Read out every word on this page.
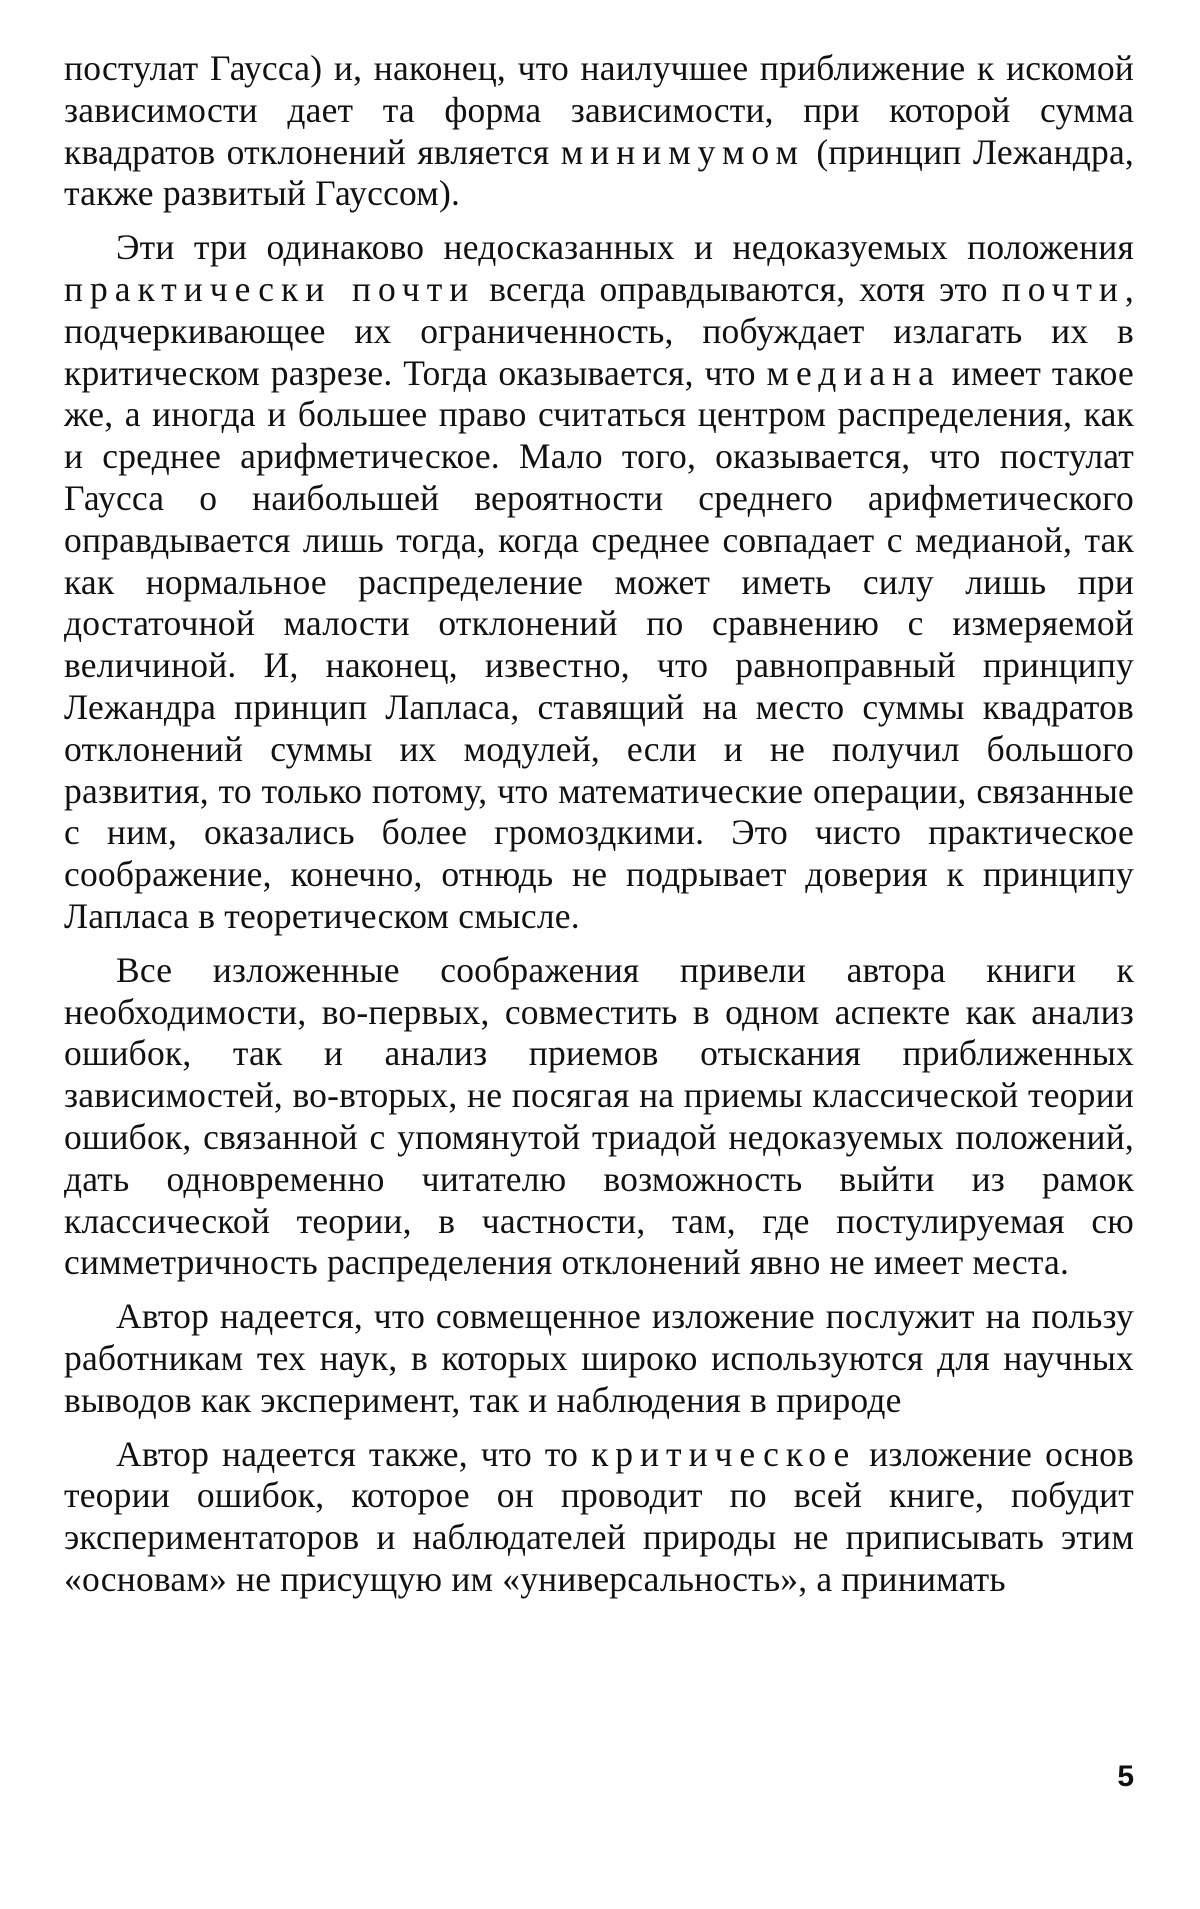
постулат Гаусса) и, наконец, что наилучшее приближение к искомой зависимости дает та форма зависимости, при которой сумма квадратов отклонений является минимумом (принцип Лежандра, также развитый Гауссом).

Эти три одинаково недосказанных и недоказуемых положения практически почти всегда оправдываются, хотя это почти, подчеркивающее их ограниченность, побуждает излагать их в критическом разрезе. Тогда оказывается, что медиана имеет такое же, а иногда и большее право считаться центром распределения, как и среднее арифметическое. Мало того, оказывается, что постулат Гаусса о наибольшей вероятности среднего арифметического оправдывается лишь тогда, когда среднее совпадает с медианой, так как нормальное распределение может иметь силу лишь при достаточной малости отклонений по сравнению с измеряемой величиной. И, наконец, известно, что равноправный принципу Лежандра принцип Лапласа, ставящий на место суммы квадратов отклонений суммы их модулей, если и не получил большого развития, то только потому, что математические операции, связанные с ним, оказались более громоздкими. Это чисто практическое соображение, конечно, отнюдь не подрывает доверия к принципу Лапласа в теоретическом смысле.

Все изложенные соображения привели автора книги к необходимости, во-первых, совместить в одном аспекте как анализ ошибок, так и анализ приемов отыскания приближенных зависимостей, во-вторых, не посягая на приемы классической теории ошибок, связанной с упомянутой триадой недоказуемых положений, дать одновременно читателю возможность выйти из рамок классической теории, в частности, там, где постулируемая сю симметричность распределения отклонений явно не имеет места.

Автор надеется, что совмещенное изложение послужит на пользу работникам тех наук, в которых широко используются для научных выводов как эксперимент, так и наблюдения в природе

Автор надеется также, что то критическое изложение основ теории ошибок, которое он проводит по всей книге, побудит экспериментаторов и наблюдателей природы не приписывать этим «основам» не присущую им «универсальность», а принимать

5
